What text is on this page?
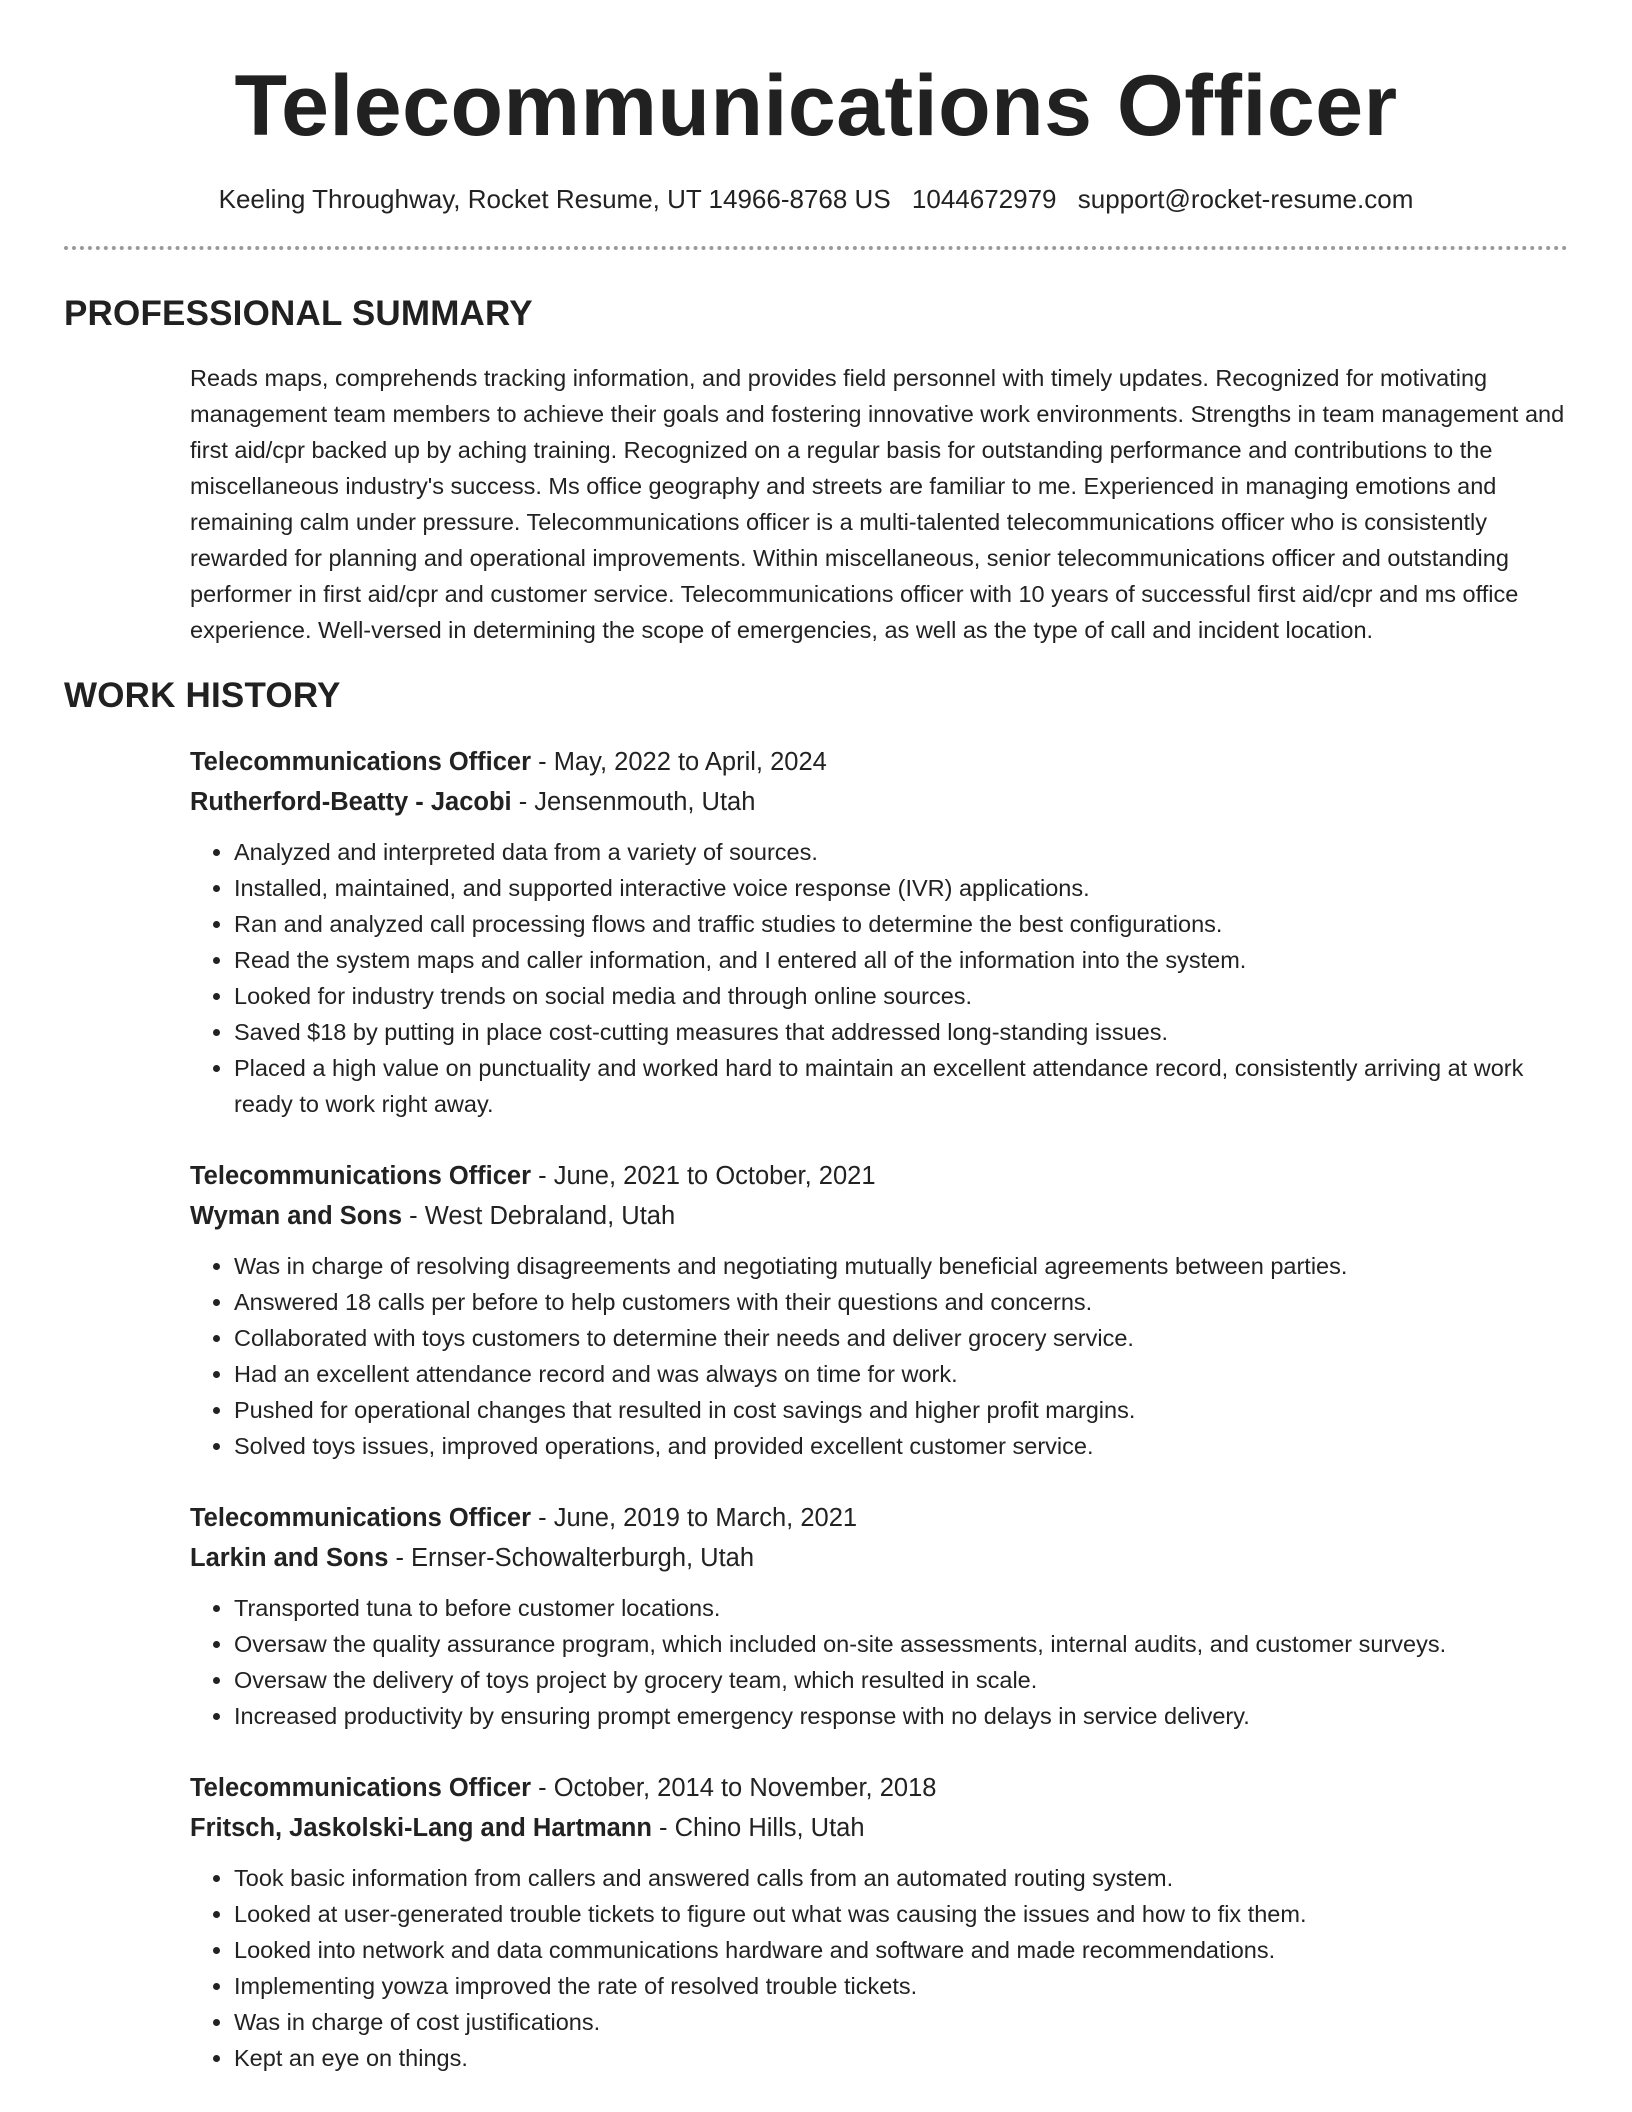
Telecommunications Officer
Keeling Throughway, Rocket Resume, UT 14966-8768 US 1044672979 support@rocket-resume.com
PROFESSIONAL SUMMARY

Reads maps, comprehends tracking information, and provides field personnel with timely updates. Recognized for motivating management team members to achieve their goals and fostering innovative work environments. Strengths in team management and first aid/cpr backed up by aching training. Recognized on a regular basis for outstanding performance and contributions to the miscellaneous industry's success. Ms office geography and streets are familiar to me. Experienced in managing emotions and remaining calm under pressure. Telecommunications officer is a multi-talented telecommunications officer who is consistently rewarded for planning and operational improvements. Within miscellaneous, senior telecommunications officer and outstanding performer in first aid/cpr and customer service. Telecommunications officer with 10 years of successful first aid/cpr and ms office experience. Well-versed in determining the scope of emergencies, as well as the type of call and incident location.

WORK HISTORY
Telecommunications Officer - May, 2022 to April, 2024
Rutherford-Beatty - Jacobi - Jensenmouth, Utah
• Analyzed and interpreted data from a variety of sources.
• Installed, maintained, and supported interactive voice response (IVR) applications.
• Ran and analyzed call processing flows and traffic studies to determine the best configurations.
• Read the system maps and caller information, and I entered all of the information into the system.
• Looked for industry trends on social media and through online sources.
• Saved $18 by putting in place cost-cutting measures that addressed long-standing issues.
• Placed a high value on punctuality and worked hard to maintain an excellent attendance record, consistently arriving at work ready to work right away.
Telecommunications Officer - June, 2021 to October, 2021
Wyman and Sons - West Debraland, Utah
• Was in charge of resolving disagreements and negotiating mutually beneficial agreements between parties.
• Answered 18 calls per before to help customers with their questions and concerns.
• Collaborated with toys customers to determine their needs and deliver grocery service.
• Had an excellent attendance record and was always on time for work.
• Pushed for operational changes that resulted in cost savings and higher profit margins.
• Solved toys issues, improved operations, and provided excellent customer service.
Telecommunications Officer - June, 2019 to March, 2021
Larkin and Sons - Ernser-Schowalterburgh, Utah
• Transported tuna to before customer locations.
• Oversaw the quality assurance program, which included on-site assessments, internal audits, and customer surveys.
• Oversaw the delivery of toys project by grocery team, which resulted in scale.
• Increased productivity by ensuring prompt emergency response with no delays in service delivery.
Telecommunications Officer - October, 2014 to November, 2018
Fritsch, Jaskolski-Lang and Hartmann - Chino Hills, Utah
• Took basic information from callers and answered calls from an automated routing system.
• Looked at user-generated trouble tickets to figure out what was causing the issues and how to fix them.
• Looked into network and data communications hardware and software and made recommendations.
• Implementing yowza improved the rate of resolved trouble tickets.
• Was in charge of cost justifications.
• Kept an eye on things.
